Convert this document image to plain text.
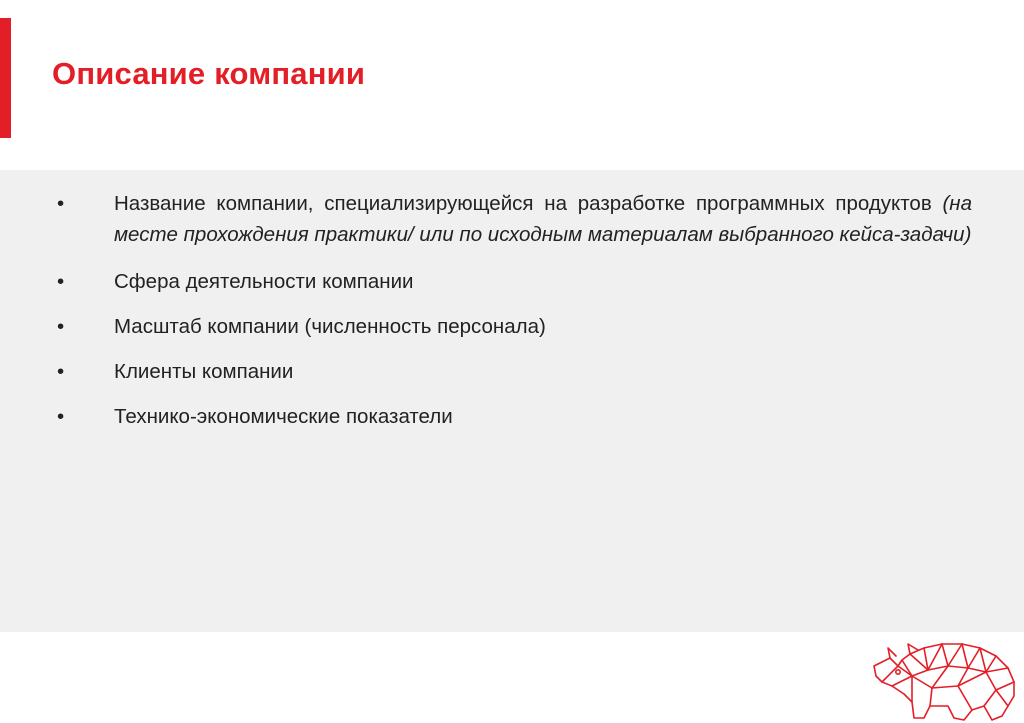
Описание компании
• Название компании, специализирующейся на разработке программных продуктов (на месте прохождения практики/ или по исходным материалам выбранного кейса-задачи)
• Сфера деятельности компании
• Масштаб компании (численность персонала)
• Клиенты компании
• Технико-экономические показатели
